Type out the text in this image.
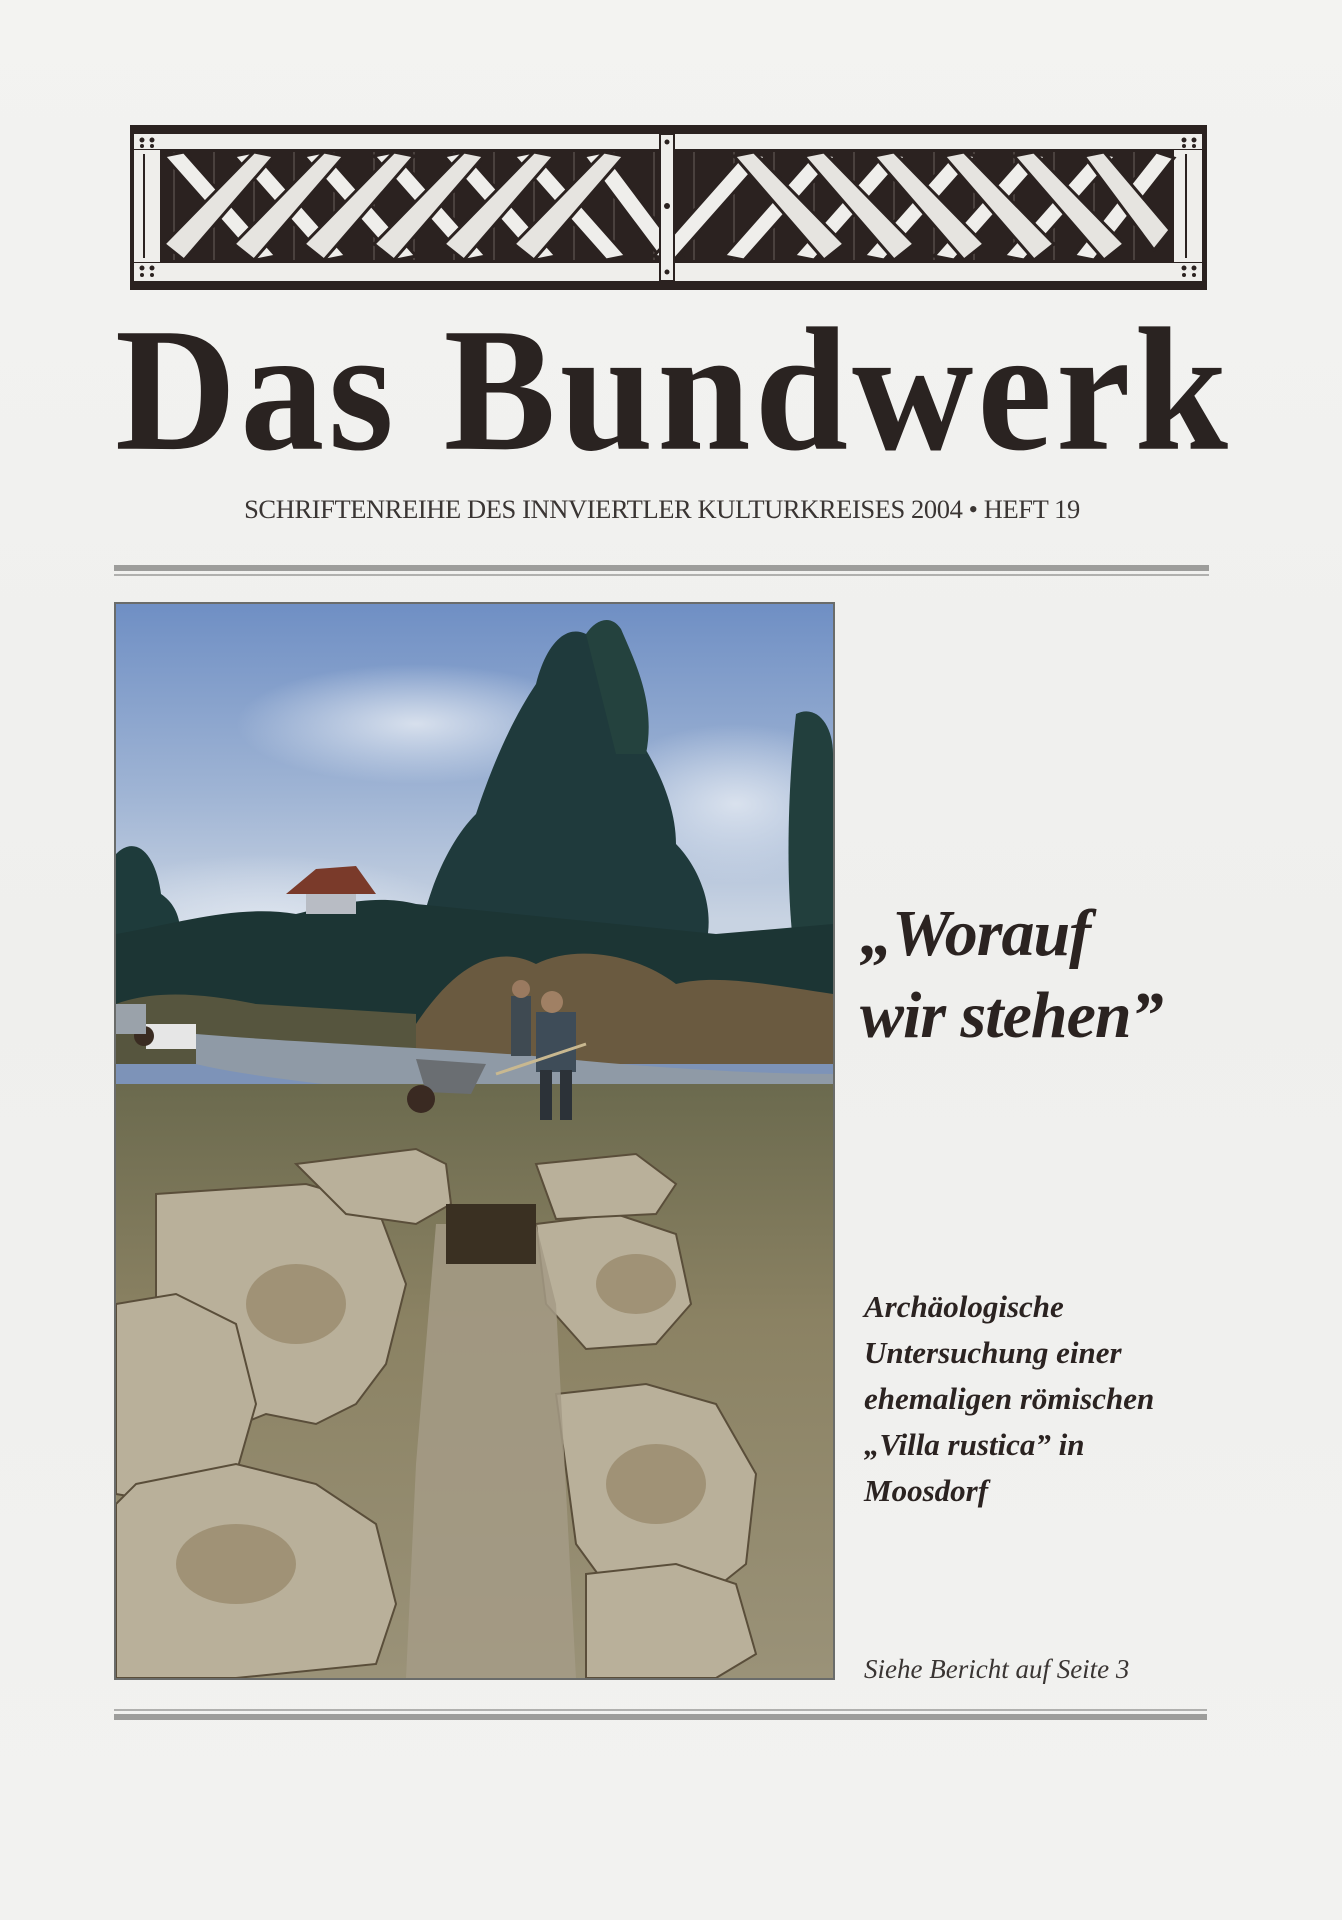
Das Bundwerk
SCHRIFTENREIHE DES INNVIERTLER KULTURKREISES 2004 • HEFT 19
„Worauf
wir stehen”
Archäologische
Untersuchung einer
ehemaligen römischen
„Villa rustica” in
Moosdorf
Siehe Bericht auf Seite 3
